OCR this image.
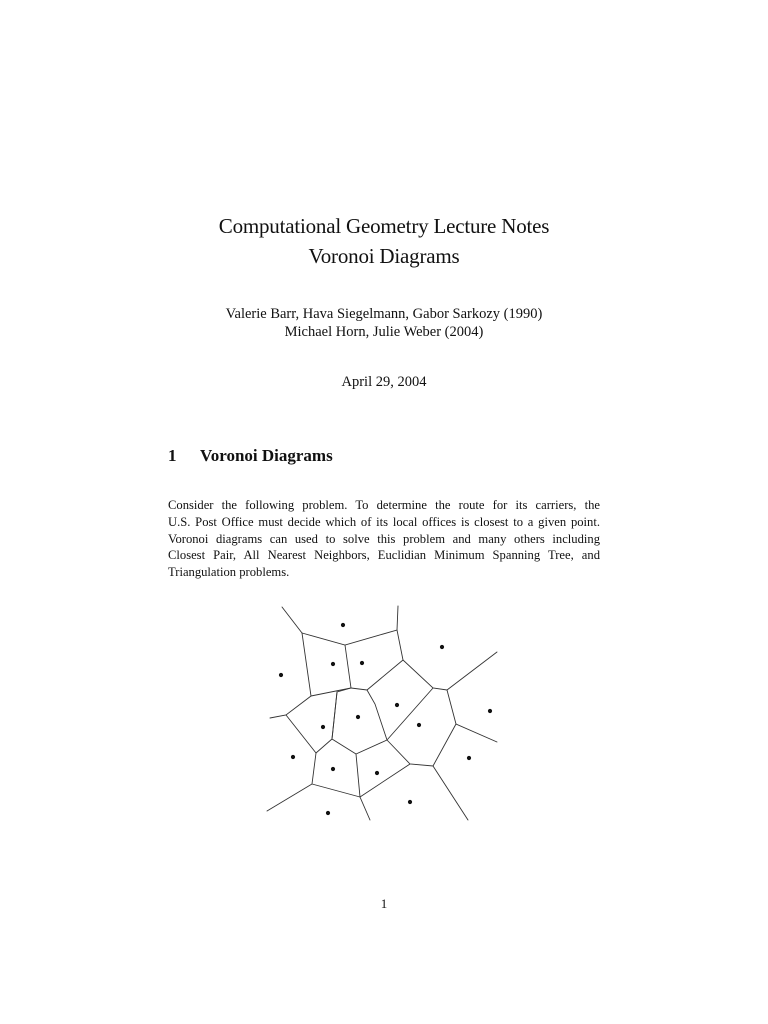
Computational Geometry Lecture Notes
Voronoi Diagrams
Valerie Barr, Hava Siegelmann, Gabor Sarkozy (1990)
Michael Horn, Julie Weber (2004)
April 29, 2004
1 Voronoi Diagrams
Consider the following problem. To determine the route for its carriers, the
U.S. Post Office must decide which of its local offices is closest to a given point.
Voronoi diagrams can used to solve this problem and many others including
Closest Pair, All Nearest Neighbors, Euclidian Minimum Spanning Tree, and
Triangulation problems.
1
